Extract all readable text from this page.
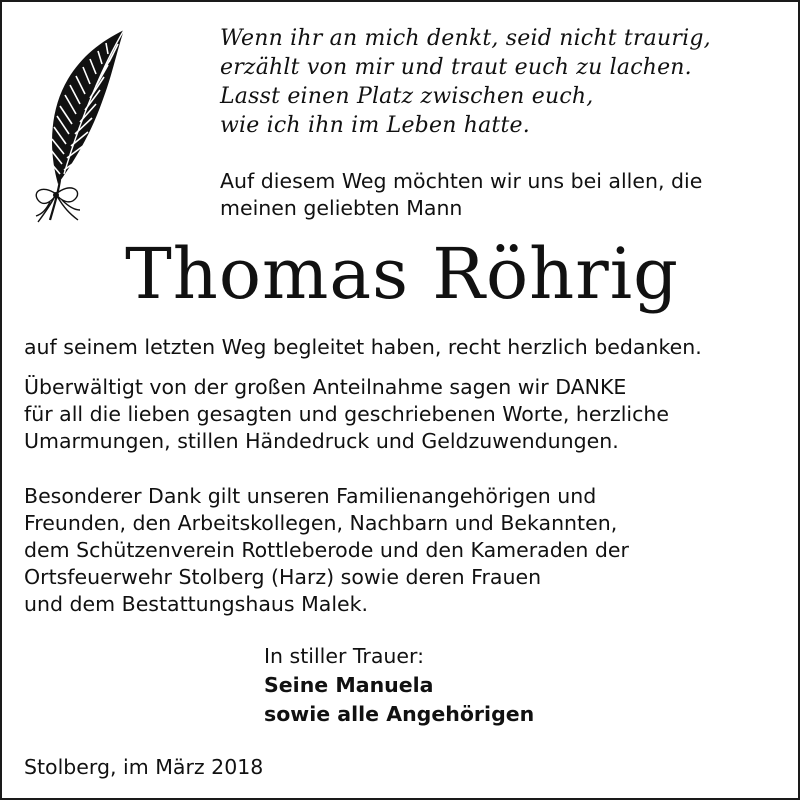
Wenn ihr an mich denkt, seid nicht traurig,
erzählt von mir und traut euch zu lachen.
Lasst einen Platz zwischen euch,
wie ich ihn im Leben hatte.
Auf diesem Weg möchten wir uns bei allen, die
meinen geliebten Mann
Thomas Röhrig
auf seinem letzten Weg begleitet haben, recht herzlich bedanken.
Überwältigt von der großen Anteilnahme sagen wir DANKE
für all die lieben gesagten und geschriebenen Worte, herzliche
Umarmungen, stillen Händedruck und Geldzuwendungen.
Besonderer Dank gilt unseren Familienangehörigen und
Freunden, den Arbeitskollegen, Nachbarn und Bekannten,
dem Schützenverein Rottleberode und den Kameraden der
Ortsfeuerwehr Stolberg (Harz) sowie deren Frauen
und dem Bestattungshaus Malek.
In stiller Trauer:
Seine Manuela
sowie alle Angehörigen
Stolberg, im März 2018
